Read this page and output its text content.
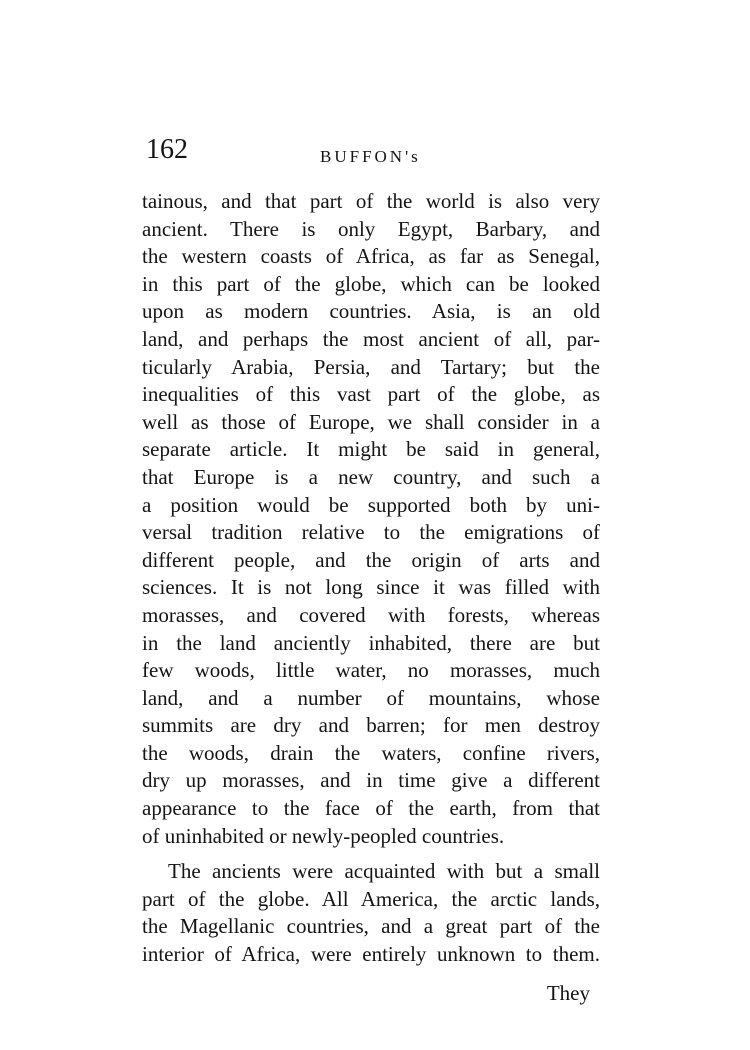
162	BUFFON's
tainous, and that part of the world is also very
ancient. There is only Egypt, Barbary, and
the western coasts of Africa, as far as Senegal,
in this part of the globe, which can be looked
upon as modern countries. Asia, is an old
land, and perhaps the most ancient of all, par-
ticularly Arabia, Persia, and Tartary; but the
inequalities of this vast part of the globe, as
well as those of Europe, we shall consider in a
separate article. It might be said in general,
that Europe is a new country, and such a
a position would be supported both by uni-
versal tradition relative to the emigrations of
different people, and the origin of arts and
sciences. It is not long since it was filled with
morasses, and covered with forests, whereas
in the land anciently inhabited, there are but
few woods, little water, no morasses, much
land, and a number of mountains, whose
summits are dry and barren; for men destroy
the woods, drain the waters, confine rivers,
dry up morasses, and in time give a different
appearance to the face of the earth, from that
of uninhabited or newly-peopled countries.
The ancients were acquainted with but a small
part of the globe. All America, the arctic lands,
the Magellanic countries, and a great part of the
interior of Africa, were entirely unknown to them.
They
